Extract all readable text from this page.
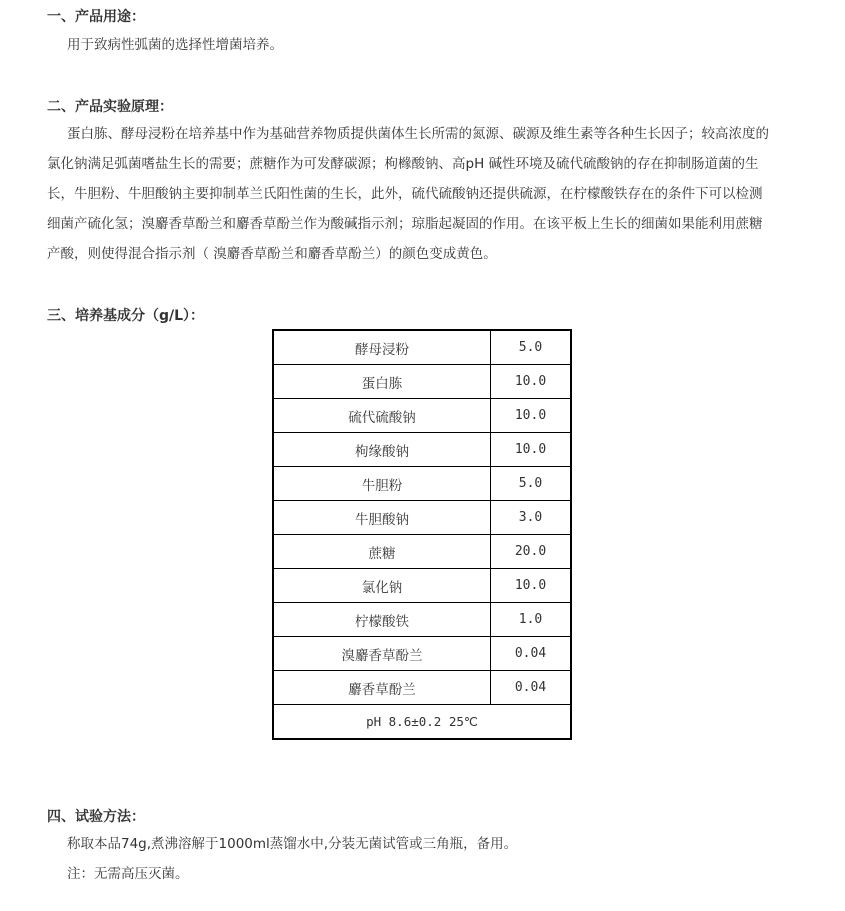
一、产品用途：
用于致病性弧菌的选择性增菌培养。
二、产品实验原理：
蛋白胨、酵母浸粉在培养基中作为基础营养物质提供菌体生长所需的氮源、碳源及维生素等各种生长因子；较高浓度的
氯化钠满足弧菌嗜盐生长的需要；蔗糖作为可发酵碳源；枸橼酸钠、高pH 碱性环境及硫代硫酸钠的存在抑制肠道菌的生
长，牛胆粉、牛胆酸钠主要抑制革兰氏阳性菌的生长，此外，硫代硫酸钠还提供硫源，在柠檬酸铁存在的条件下可以检测
细菌产硫化氢；溴麝香草酚兰和麝香草酚兰作为酸碱指示剂；琼脂起凝固的作用。在该平板上生长的细菌如果能利用蔗糖
产酸，则使得混合指示剂（ 溴麝香草酚兰和麝香草酚兰）的颜色变成黄色。
三、培养基成分（g/L）：
酵母浸粉	5.0
蛋白胨	10.0
硫代硫酸钠	10.0
枸缘酸钠	10.0
牛胆粉	5.0
牛胆酸钠	3.0
蔗糖	20.0
氯化钠	10.0
柠檬酸铁	1.0
溴麝香草酚兰	0.04
麝香草酚兰	0.04
pH 8.6±0.2 25℃	
四、试验方法：
称取本品74g,煮沸溶解于1000ml蒸馏水中,分装无菌试管或三角瓶，备用。
注：无需高压灭菌。
